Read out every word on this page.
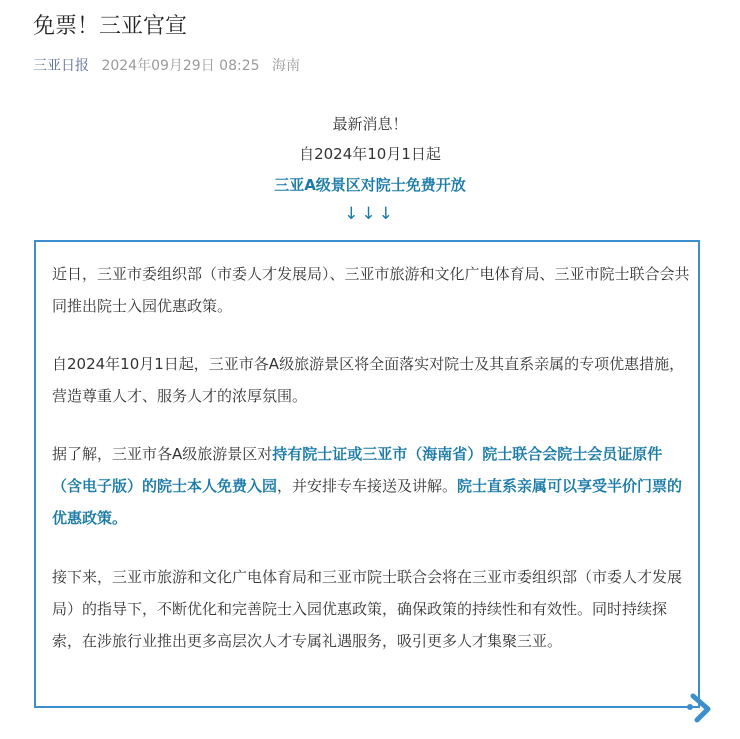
免票！三亚官宣
三亚日报 2024年09月29日 08:25 海南
最新消息！
自2024年10月1日起
三亚A级景区对院士免费开放
↓↓↓

近日，三亚市委组织部（市委人才发展局）、三亚市旅游和文化广电体育局、三亚市院士联合会共同推出院士入园优惠政策。

自2024年10月1日起，三亚市各A级旅游景区将全面落实对院士及其直系亲属的专项优惠措施，营造尊重人才、服务人才的浓厚氛围。

据了解，三亚市各A级旅游景区对持有院士证或三亚市（海南省）院士联合会院士会员证原件（含电子版）的院士本人免费入园，并安排专车接送及讲解。院士直系亲属可以享受半价门票的优惠政策。

接下来，三亚市旅游和文化广电体育局和三亚市院士联合会将在三亚市委组织部（市委人才发展局）的指导下，不断优化和完善院士入园优惠政策，确保政策的持续性和有效性。同时持续探索，在涉旅行业推出更多高层次人才专属礼遇服务，吸引更多人才集聚三亚。
